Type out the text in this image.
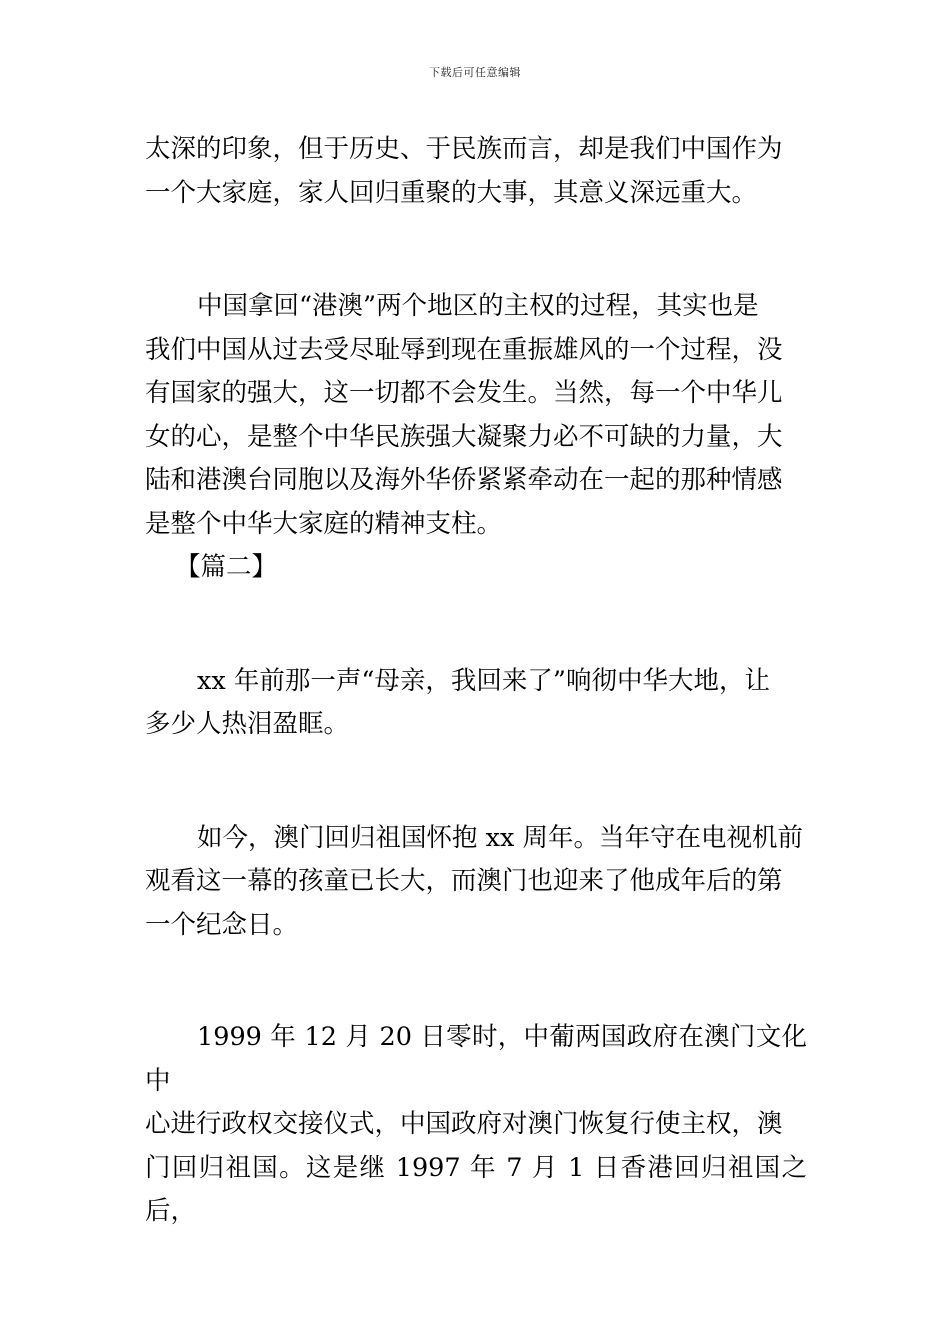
下载后可任意编辑
太深的印象，但于历史、于民族而言，却是我们中国作为
一个大家庭，家人回归重聚的大事，其意义深远重大。
中国拿回“港澳”两个地区的主权的过程，其实也是
我们中国从过去受尽耻辱到现在重振雄风的一个过程，没
有国家的强大，这一切都不会发生。当然，每一个中华儿
女的心，是整个中华民族强大凝聚力必不可缺的力量，大
陆和港澳台同胞以及海外华侨紧紧牵动在一起的那种情感
是整个中华大家庭的精神支柱。
【篇二】
xx 年前那一声“母亲，我回来了”响彻中华大地，让
多少人热泪盈眶。
如今，澳门回归祖国怀抱 xx 周年。当年守在电视机前
观看这一幕的孩童已长大，而澳门也迎来了他成年后的第
一个纪念日。
1999 年 12 月 20 日零时，中葡两国政府在澳门文化中
心进行政权交接仪式，中国政府对澳门恢复行使主权，澳
门回归祖国。这是继 1997 年 7 月 1 日香港回归祖国之后，
